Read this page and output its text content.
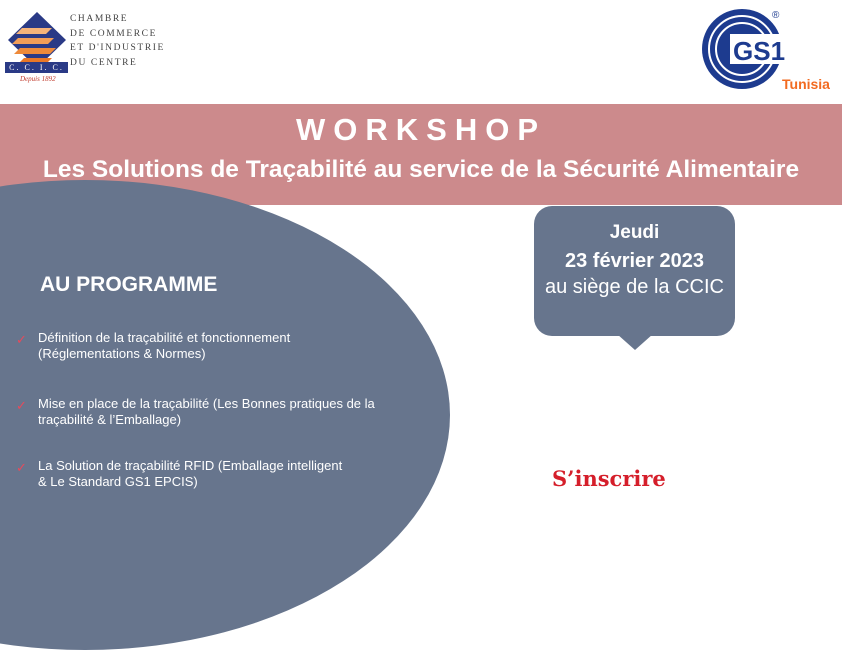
C. C. I. C.
Depuis 1892
CHAMBRE
DE COMMERCE
ET D'INDUSTRIE
DU CENTRE	GS1
®
Tunisia
WORKSHOP
Les Solutions de Traçabilité au service de la Sécurité Alimentaire
AU PROGRAMME
✓ Définition de la traçabilité et fonctionnement
(Réglementations & Normes)
✓ Mise en place de la traçabilité (Les Bonnes pratiques de la
traçabilité & l’Emballage)
✓ La Solution de traçabilité RFID (Emballage intelligent
& Le Standard GS1 EPCIS)
Jeudi
23 février 2023
au siège de la CCIC
S’inscrire
